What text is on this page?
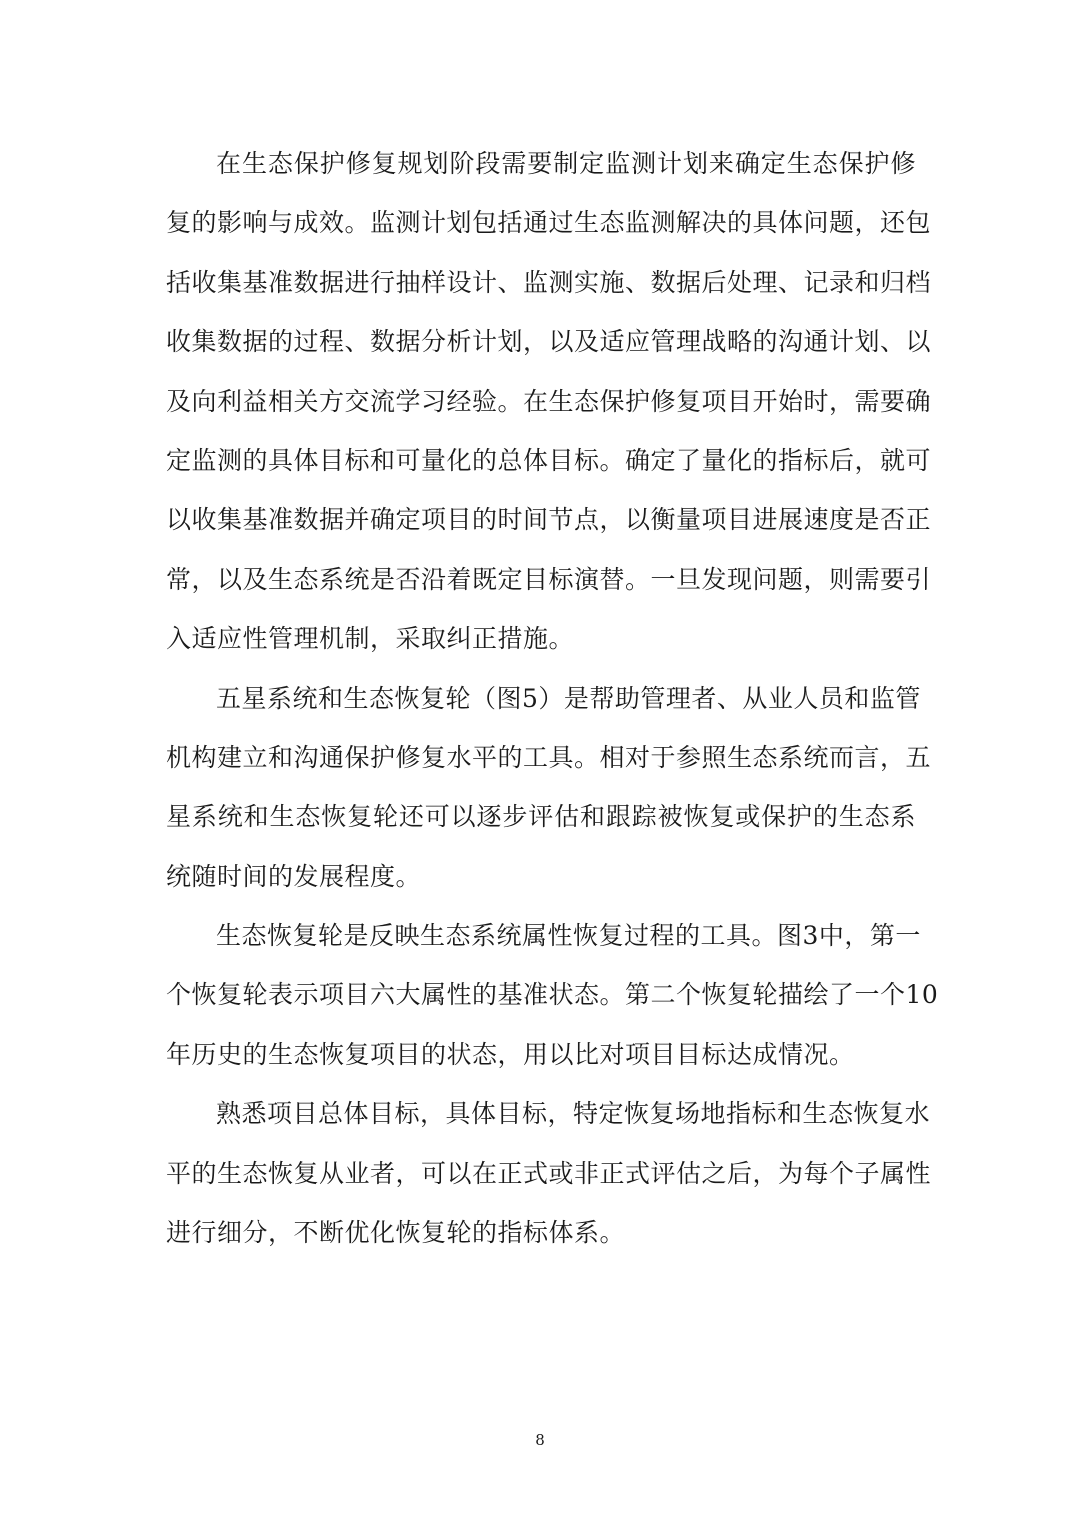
在生态保护修复规划阶段需要制定监测计划来确定生态保护修
复的影响与成效。监测计划包括通过生态监测解决的具体问题，还包
括收集基准数据进行抽样设计、监测实施、数据后处理、记录和归档
收集数据的过程、数据分析计划，以及适应管理战略的沟通计划、以
及向利益相关方交流学习经验。在生态保护修复项目开始时，需要确
定监测的具体目标和可量化的总体目标。确定了量化的指标后，就可
以收集基准数据并确定项目的时间节点，以衡量项目进展速度是否正
常，以及生态系统是否沿着既定目标演替。一旦发现问题，则需要引
入适应性管理机制，采取纠正措施。
五星系统和生态恢复轮（图5）是帮助管理者、从业人员和监管
机构建立和沟通保护修复水平的工具。相对于参照生态系统而言，五
星系统和生态恢复轮还可以逐步评估和跟踪被恢复或保护的生态系
统随时间的发展程度。
生态恢复轮是反映生态系统属性恢复过程的工具。图3中，第一
个恢复轮表示项目六大属性的基准状态。第二个恢复轮描绘了一个10
年历史的生态恢复项目的状态，用以比对项目目标达成情况。
熟悉项目总体目标，具体目标，特定恢复场地指标和生态恢复水
平的生态恢复从业者，可以在正式或非正式评估之后，为每个子属性
进行细分，不断优化恢复轮的指标体系。
8
